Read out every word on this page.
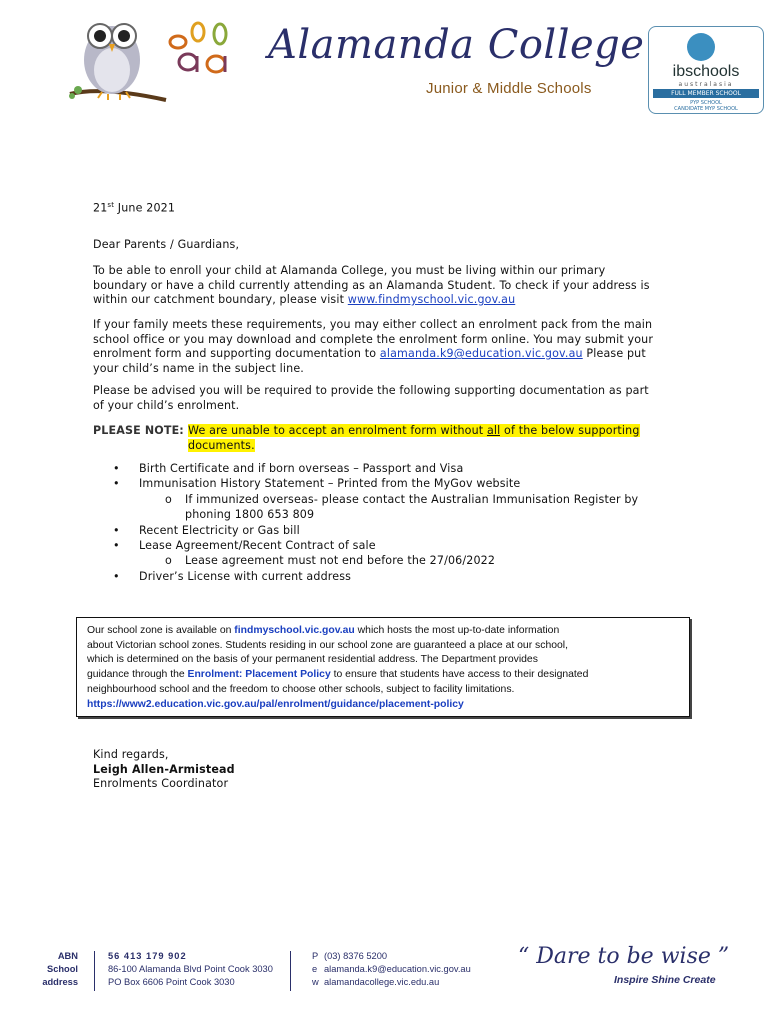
Alamanda College
Junior & Middle Schools
ibschools
australasia
FULL MEMBER SCHOOL
PYP SCHOOL
CANDIDATE MYP SCHOOL
21st June 2021
Dear Parents / Guardians,
To be able to enroll your child at Alamanda College, you must be living within our primary
boundary or have a child currently attending as an Alamanda Student. To check if your address is
within our catchment boundary, please visit www.findmyschool.vic.gov.au
If your family meets these requirements, you may either collect an enrolment pack from the main
school office or you may download and complete the enrolment form online. You may submit your
enrolment form and supporting documentation to alamanda.k9@education.vic.gov.au Please put
your child’s name in the subject line.
Please be advised you will be required to provide the following supporting documentation as part
of your child’s enrolment.
PLEASE NOTE: We are unable to accept an enrolment form without all of the below supporting
documents.
• Birth Certificate and if born overseas – Passport and Visa
• Immunisation History Statement – Printed from the MyGov website
o If immunized overseas- please contact the Australian Immunisation Register by
phoning 1800 653 809
• Recent Electricity or Gas bill
• Lease Agreement/Recent Contract of sale
o Lease agreement must not end before the 27/06/2022
• Driver’s License with current address
Our school zone is available on findmyschool.vic.gov.au which hosts the most up-to-date information
about Victorian school zones. Students residing in our school zone are guaranteed a place at our school,
which is determined on the basis of your permanent residential address. The Department provides
guidance through the Enrolment: Placement Policy to ensure that students have access to their designated
neighbourhood school and the freedom to choose other schools, subject to facility limitations.
https://www2.education.vic.gov.au/pal/enrolment/guidance/placement-policy
Kind regards,
Leigh Allen-Armistead
Enrolments Coordinator
ABN
School
address
56 413 179 902
86-100 Alamanda Blvd Point Cook 3030
PO Box 6606 Point Cook 3030
P (03) 8376 5200
e alamanda.k9@education.vic.gov.au
w alamandacollege.vic.edu.au
“ Dare to be wise ”
Inspire Shine Create
